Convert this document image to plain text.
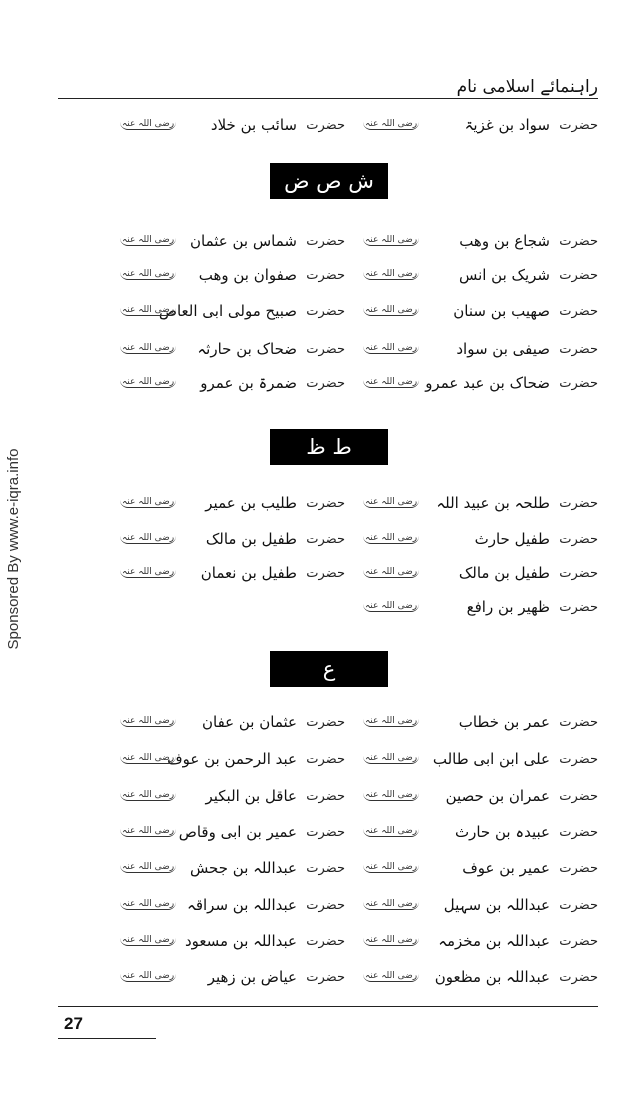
Sponsored By www.e-iqra.info
راہنمائے اسلامی نام
حضرت
سواد بن غزیۃ
رضی اللہ عنہ
حضرت
سائب بن خلاد
رضی اللہ عنہ
ش ص ض
حضرت
شجاع بن وھب
رضی اللہ عنہ
حضرت
شماس بن عثمان
رضی اللہ عنہ
حضرت
شریک بن انس
رضی اللہ عنہ
حضرت
صفوان بن وھب
رضی اللہ عنہ
حضرت
صھیب بن سنان
رضی اللہ عنہ
حضرت
صبیح مولی ابی العاص
رضی اللہ عنہ
حضرت
صیفی بن سواد
رضی اللہ عنہ
حضرت
ضحاک بن حارثہ
رضی اللہ عنہ
حضرت
ضحاک بن عبد عمرو
رضی اللہ عنہ
حضرت
ضمرۃ بن عمرو
رضی اللہ عنہ
ط ظ
حضرت
طلحہ بن عبید اللہ
رضی اللہ عنہ
حضرت
طلیب بن عمیر
رضی اللہ عنہ
حضرت
طفیل حارث
رضی اللہ عنہ
حضرت
طفیل بن مالک
رضی اللہ عنہ
حضرت
طفیل بن مالک
رضی اللہ عنہ
حضرت
طفیل بن نعمان
رضی اللہ عنہ
حضرت
ظھیر بن رافع
رضی اللہ عنہ
ع
حضرت
عمر بن خطاب
رضی اللہ عنہ
حضرت
عثمان بن عفان
رضی اللہ عنہ
حضرت
علی ابن ابی طالب
رضی اللہ عنہ
حضرت
عبد الرحمن بن عوف
رضی اللہ عنہ
حضرت
عمران بن حصین
رضی اللہ عنہ
حضرت
عاقل بن البکیر
رضی اللہ عنہ
حضرت
عبیدہ بن حارث
رضی اللہ عنہ
حضرت
عمیر بن ابی وقاص
رضی اللہ عنہ
حضرت
عمیر بن عوف
رضی اللہ عنہ
حضرت
عبداللہ بن جحش
رضی اللہ عنہ
حضرت
عبداللہ بن سہیل
رضی اللہ عنہ
حضرت
عبداللہ بن سراقہ
رضی اللہ عنہ
حضرت
عبداللہ بن مخزمہ
رضی اللہ عنہ
حضرت
عبداللہ بن مسعود
رضی اللہ عنہ
حضرت
عبداللہ بن مظعون
رضی اللہ عنہ
حضرت
عیاض بن زھیر
رضی اللہ عنہ
27
